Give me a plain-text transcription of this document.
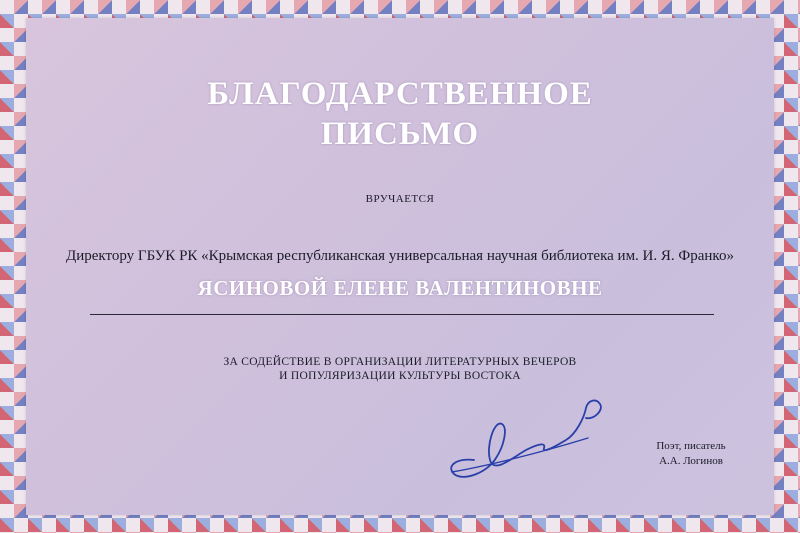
БЛАГОДАРСТВЕННОЕ
ПИСЬМО
ВРУЧАЕТСЯ
Директору ГБУК РК «Крымская республиканская универсальная научная библиотека им. И. Я. Франко»
ЯСИНОВОЙ ЕЛЕНЕ ВАЛЕНТИНОВНЕ
ЗА СОДЕЙСТВИЕ В ОРГАНИЗАЦИИ ЛИТЕРАТУРНЫХ ВЕЧЕРОВ
И ПОПУЛЯРИЗАЦИИ КУЛЬТУРЫ ВОСТОКА
Поэт, писатель
А.А. Логинов
